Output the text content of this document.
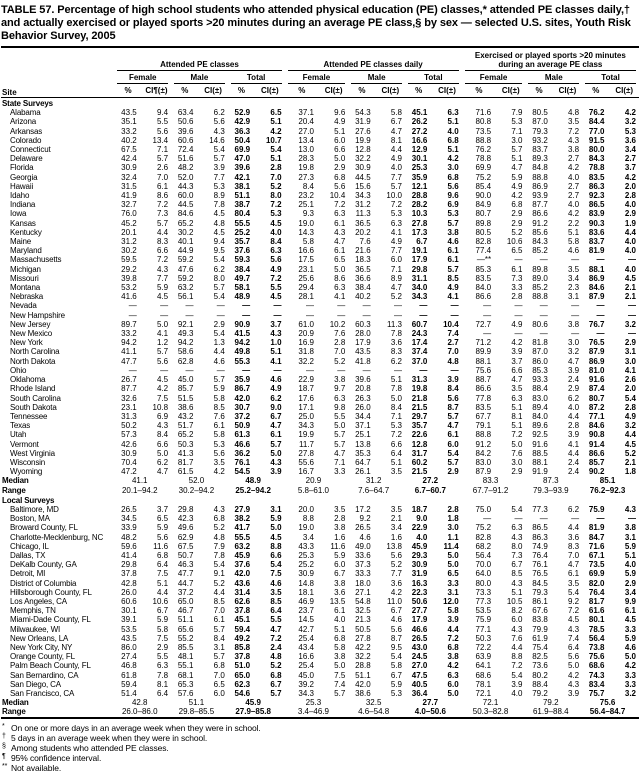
TABLE 57. Percentage of high school students who attended physical education (PE) classes,* attended PE classes daily,† and actually exercised or played sports >20 minutes during an average PE class,§ by sex — selected U.S. sites, Youth Risk Behavior Survey, 2005

	Attended PE classes						Attended PE classes daily						Exercised or played sports >20 minutes during an average PE class					

	Female		Male		Total		Female		Male		Total		Female		Male		Total	

Site	%	CI¶(±)	%	CI(±)	%	CI(±)	%	CI(±)	%	CI(±)	%	CI(±)	%	CI(±)	%	CI(±)	%	CI(±)
State Surveys																		
Alabama	43.5	9.4	63.4	6.2	52.9	6.5	37.1	9.6	54.3	5.8	45.1	6.3	71.6	7.9	80.5	4.8	76.2	4.2
Arizona	35.1	5.5	50.6	5.6	42.9	5.1	20.4	4.9	31.9	6.7	26.2	5.1	80.8	5.3	87.0	3.5	84.4	3.2
Arkansas	33.2	5.6	39.6	4.3	36.3	4.2	27.0	5.1	27.6	4.7	27.2	4.0	73.5	7.1	79.3	7.2	77.0	5.3
Colorado	40.2	13.4	60.6	14.6	50.4	10.7	13.4	6.0	19.9	8.1	16.6	6.8	88.8	3.0	93.2	4.3	91.5	3.6
Connecticut	67.5	7.1	72.4	5.4	69.9	5.4	13.0	6.6	12.8	4.4	12.9	5.1	76.2	5.7	83.7	3.8	80.0	3.4
Delaware	42.4	5.7	51.6	5.7	47.0	5.1	28.3	5.0	32.2	4.9	30.1	4.2	78.8	5.1	89.3	2.7	84.3	2.7
Florida	30.9	2.6	48.2	3.9	39.6	2.8	19.8	2.9	30.9	4.0	25.3	3.0	69.9	4.7	84.8	4.2	78.8	3.7
Georgia	32.4	7.0	52.0	7.7	42.1	7.0	27.3	6.8	44.5	7.7	35.9	6.8	75.2	5.9	88.8	4.0	83.5	4.2
Hawaii	31.5	6.1	44.3	5.3	38.1	5.2	8.4	5.6	15.6	5.7	12.1	5.6	85.4	4.9	86.9	2.7	86.3	2.0
Idaho	41.9	8.6	60.0	8.9	51.1	8.0	23.2	10.4	34.3	10.0	28.8	9.6	90.0	4.2	93.9	2.7	92.3	2.8
Indiana	32.7	7.2	44.5	7.8	38.7	7.2	25.1	7.2	31.2	7.2	28.2	6.9	84.9	6.8	87.7	4.0	86.5	4.0
Iowa	76.0	7.3	84.6	4.5	80.4	5.3	9.3	6.3	11.3	5.3	10.3	5.3	80.7	2.9	86.6	4.2	83.9	2.9
Kansas	45.2	5.7	65.2	4.8	55.5	4.5	19.0	6.1	36.5	6.3	27.8	5.7	89.8	2.9	91.2	2.2	90.3	1.9
Kentucky	20.1	4.4	30.2	4.5	25.2	4.0	14.3	4.3	20.2	4.1	17.3	3.8	80.5	5.2	85.6	5.1	83.6	4.4
Maine	31.2	8.3	40.1	9.4	35.7	8.4	5.8	4.7	7.6	4.9	6.7	4.6	82.8	10.6	84.3	5.8	83.7	4.0
Maryland	30.2	6.6	44.9	9.5	37.6	6.3	16.6	6.1	21.6	7.7	19.1	6.1	77.4	6.5	85.2	4.6	81.9	4.0
Massachusetts	59.5	7.2	59.2	5.4	59.3	5.6	17.5	6.5	18.3	6.0	17.9	6.1	—**	—	—	—	—	—
Michigan	29.2	4.3	47.6	6.2	38.4	4.9	23.1	5.0	36.5	7.1	29.8	5.7	85.3	6.1	89.8	3.5	88.1	4.0
Missouri	39.8	7.7	59.2	8.0	49.7	7.2	25.6	8.6	36.6	8.9	31.1	8.5	83.5	7.3	89.0	3.4	86.9	4.5
Montana	53.2	5.9	63.2	5.7	58.1	5.5	29.4	6.3	38.4	4.7	34.0	4.9	84.0	3.3	85.2	2.3	84.6	2.1
Nebraska	41.6	4.5	56.1	5.4	48.9	4.5	28.1	4.1	40.2	5.2	34.3	4.1	86.6	2.8	88.8	3.1	87.9	2.1
Nevada	—	—	—	—	—	—	—	—	—	—	—	—	—	—	—	—	—	—
New Hampshire	—	—	—	—	—	—	—	—	—	—	—	—	—	—	—	—	—	—
New Jersey	89.7	5.0	92.1	2.9	90.9	3.7	61.0	10.2	60.3	11.3	60.7	10.4	72.7	4.9	80.6	3.8	76.7	3.2
New Mexico	33.2	4.1	49.3	5.4	41.5	4.3	20.9	7.6	28.0	7.8	24.3	7.4	—	—	—	—	—	—
New York	94.2	1.2	94.2	1.3	94.2	1.0	16.9	2.8	17.9	3.6	17.4	2.7	71.2	4.2	81.8	3.0	76.5	2.9
North Carolina	41.1	5.7	58.6	4.4	49.8	5.1	31.8	7.0	43.5	8.3	37.4	7.0	89.9	3.9	87.0	3.2	87.9	3.1
North Dakota	47.7	5.6	62.8	4.6	55.3	4.1	32.2	5.2	41.8	6.2	37.0	4.8	88.1	3.7	86.0	4.7	86.9	3.0
Ohio	—	—	—	—	—	—	—	—	—	—	—	—	75.6	6.6	85.3	3.9	81.0	4.1
Oklahoma	26.7	4.5	45.0	5.7	35.9	4.6	22.9	3.8	39.6	5.1	31.3	3.9	88.7	4.7	93.3	2.4	91.6	2.6
Rhode Island	87.7	4.2	85.7	5.9	86.7	4.9	18.7	9.7	20.8	7.8	19.8	8.4	86.6	3.5	88.4	2.9	87.4	2.0
South Carolina	32.6	7.5	51.5	5.8	42.0	6.2	17.6	6.3	26.3	5.0	21.8	5.6	77.8	6.3	83.0	6.2	80.7	5.4
South Dakota	23.1	10.8	38.6	8.5	30.7	9.0	17.1	9.8	26.0	8.4	21.5	8.7	83.5	5.1	89.4	4.0	87.2	2.8
Tennessee	31.3	6.9	43.2	7.6	37.2	6.7	25.0	5.5	34.4	7.1	29.7	5.7	67.7	8.1	84.0	4.4	77.1	4.9
Texas	50.2	4.3	51.7	6.1	50.9	4.7	34.3	5.0	37.1	5.3	35.7	4.7	79.1	5.1	89.6	2.8	84.6	3.2
Utah	57.3	8.4	65.2	5.8	61.3	6.1	19.9	5.7	25.1	7.2	22.6	6.1	88.8	7.2	92.5	3.9	90.8	4.4
Vermont	42.6	6.6	50.3	5.3	46.6	5.7	11.7	5.7	13.8	6.6	12.8	6.0	91.2	5.0	91.6	4.1	91.4	4.5
West Virginia	30.9	5.0	41.3	5.6	36.2	5.0	27.8	4.7	35.3	6.4	31.7	5.4	84.2	7.6	88.5	4.4	86.6	5.2
Wisconsin	70.4	6.2	81.7	3.5	76.1	4.3	55.6	7.1	64.7	5.1	60.2	5.7	83.0	3.0	88.1	2.4	85.7	2.1
Wyoming	47.2	4.7	61.5	4.2	54.5	3.9	16.7	3.3	26.1	3.5	21.5	2.9	87.9	2.9	91.9	2.4	90.2	1.8
Median	41.1		52.0		48.9		20.9		31.2		27.2		83.3		87.3		85.1	
Range	20.1–94.2		30.2–94.2		25.2–94.2		5.8–61.0		7.6–64.7		6.7–60.7		67.7–91.2		79.3–93.9		76.2–92.3	
Local Surveys																		
Baltimore, MD	26.5	3.7	29.8	4.3	27.9	3.1	20.0	3.5	17.2	3.5	18.7	2.8	75.0	5.4	77.3	6.2	75.9	4.3
Boston, MA	34.5	6.5	42.3	6.8	38.2	5.9	8.8	2.8	9.2	2.1	9.0	1.8	—	—	—	—	—	—
Broward County, FL	33.9	5.9	49.6	5.2	41.7	5.0	19.0	3.8	26.5	3.4	22.9	3.0	75.2	6.3	86.5	4.4	81.9	3.8
Charlotte-Mecklenburg, NC	48.2	5.6	62.9	4.8	55.5	4.5	3.4	1.6	4.6	1.6	4.0	1.1	82.8	4.3	86.3	3.6	84.7	3.1
Chicago, IL	59.6	11.6	67.5	7.9	63.2	8.8	43.3	11.6	49.0	13.8	45.9	11.4	68.2	8.0	74.9	8.3	71.6	5.9
Dallas, TX	41.4	6.8	50.7	7.8	45.9	6.6	25.3	5.9	33.6	5.6	29.3	5.0	56.4	7.3	76.4	7.0	67.1	5.1
DeKalb County, GA	29.8	6.4	46.3	5.4	37.6	5.4	25.2	6.0	37.3	5.2	30.9	5.0	70.0	6.7	76.1	4.7	73.5	4.0
Detroit, MI	37.8	7.5	47.7	9.1	42.0	7.5	30.9	6.7	33.3	7.7	31.9	6.5	64.0	8.5	76.5	6.1	69.9	5.9
District of Columbia	42.8	5.1	44.7	5.2	43.6	4.6	14.8	3.8	18.0	3.6	16.3	3.3	80.0	4.3	84.5	3.5	82.0	2.9
Hillsborough County, FL	26.0	4.4	37.2	4.4	31.4	3.5	18.1	3.6	27.1	4.2	22.3	3.1	73.3	5.1	79.3	5.4	76.4	3.4
Los Angeles, CA	60.6	10.6	65.0	8.5	62.6	8.5	46.9	13.5	54.8	11.0	50.6	12.0	77.3	10.5	86.1	9.2	81.7	9.9
Memphis, TN	30.1	6.7	46.7	7.0	37.8	6.4	23.7	6.1	32.5	6.7	27.7	5.8	53.5	8.2	67.6	7.2	61.6	6.1
Miami-Dade County, FL	39.1	5.9	51.1	6.1	45.1	5.5	14.5	4.0	21.3	4.6	17.9	3.9	75.9	6.0	83.8	4.5	80.1	4.5
Milwaukee, WI	53.5	5.8	65.6	5.7	59.4	4.7	42.7	5.1	50.5	5.6	46.6	4.4	77.1	4.3	79.9	4.3	78.5	3.3
New Orleans, LA	43.5	7.5	55.2	8.4	49.2	7.2	25.4	6.8	27.8	8.7	26.5	7.2	50.3	7.6	61.9	7.4	56.4	5.9
New York City, NY	86.0	2.9	85.5	3.1	85.8	2.4	43.4	5.8	42.2	9.5	43.0	6.8	72.2	4.4	75.4	6.4	73.8	4.6
Orange County, FL	27.4	5.5	48.1	5.7	37.8	4.8	16.6	3.8	32.2	5.4	24.5	3.8	63.9	8.8	82.5	5.6	75.6	5.0
Palm Beach County, FL	46.8	6.3	55.1	6.8	51.0	5.2	25.4	5.0	28.8	5.8	27.0	4.2	64.1	7.2	73.6	5.0	68.6	4.2
San Bernardino, CA	61.8	7.8	68.1	7.0	65.0	6.8	45.0	7.5	51.1	6.7	47.5	6.3	68.6	5.4	80.2	4.2	74.3	3.3
San Diego, CA	59.4	8.1	65.3	6.5	62.3	6.7	39.2	7.4	42.0	5.9	40.5	6.0	78.1	3.9	88.4	4.3	83.4	3.3
San Francisco, CA	51.4	6.4	57.6	6.0	54.6	5.7	34.3	5.7	38.6	5.3	36.4	5.0	72.1	4.0	79.2	3.9	75.7	3.2
Median	42.8		51.1		45.9		25.3		32.5		27.7		72.1		79.2		75.6	
Range	26.0–86.0		29.8–85.5		27.9–85.8		3.4–46.9		4.6–54.8		4.0–50.6		50.3–82.8		61.9–88.4		56.4–84.7	
* On one or more days in an average week when they were in school.
† 5 days in an average week when they were in school.
§ Among students who attended PE classes.
¶ 95% confidence interval.
** Not available.
